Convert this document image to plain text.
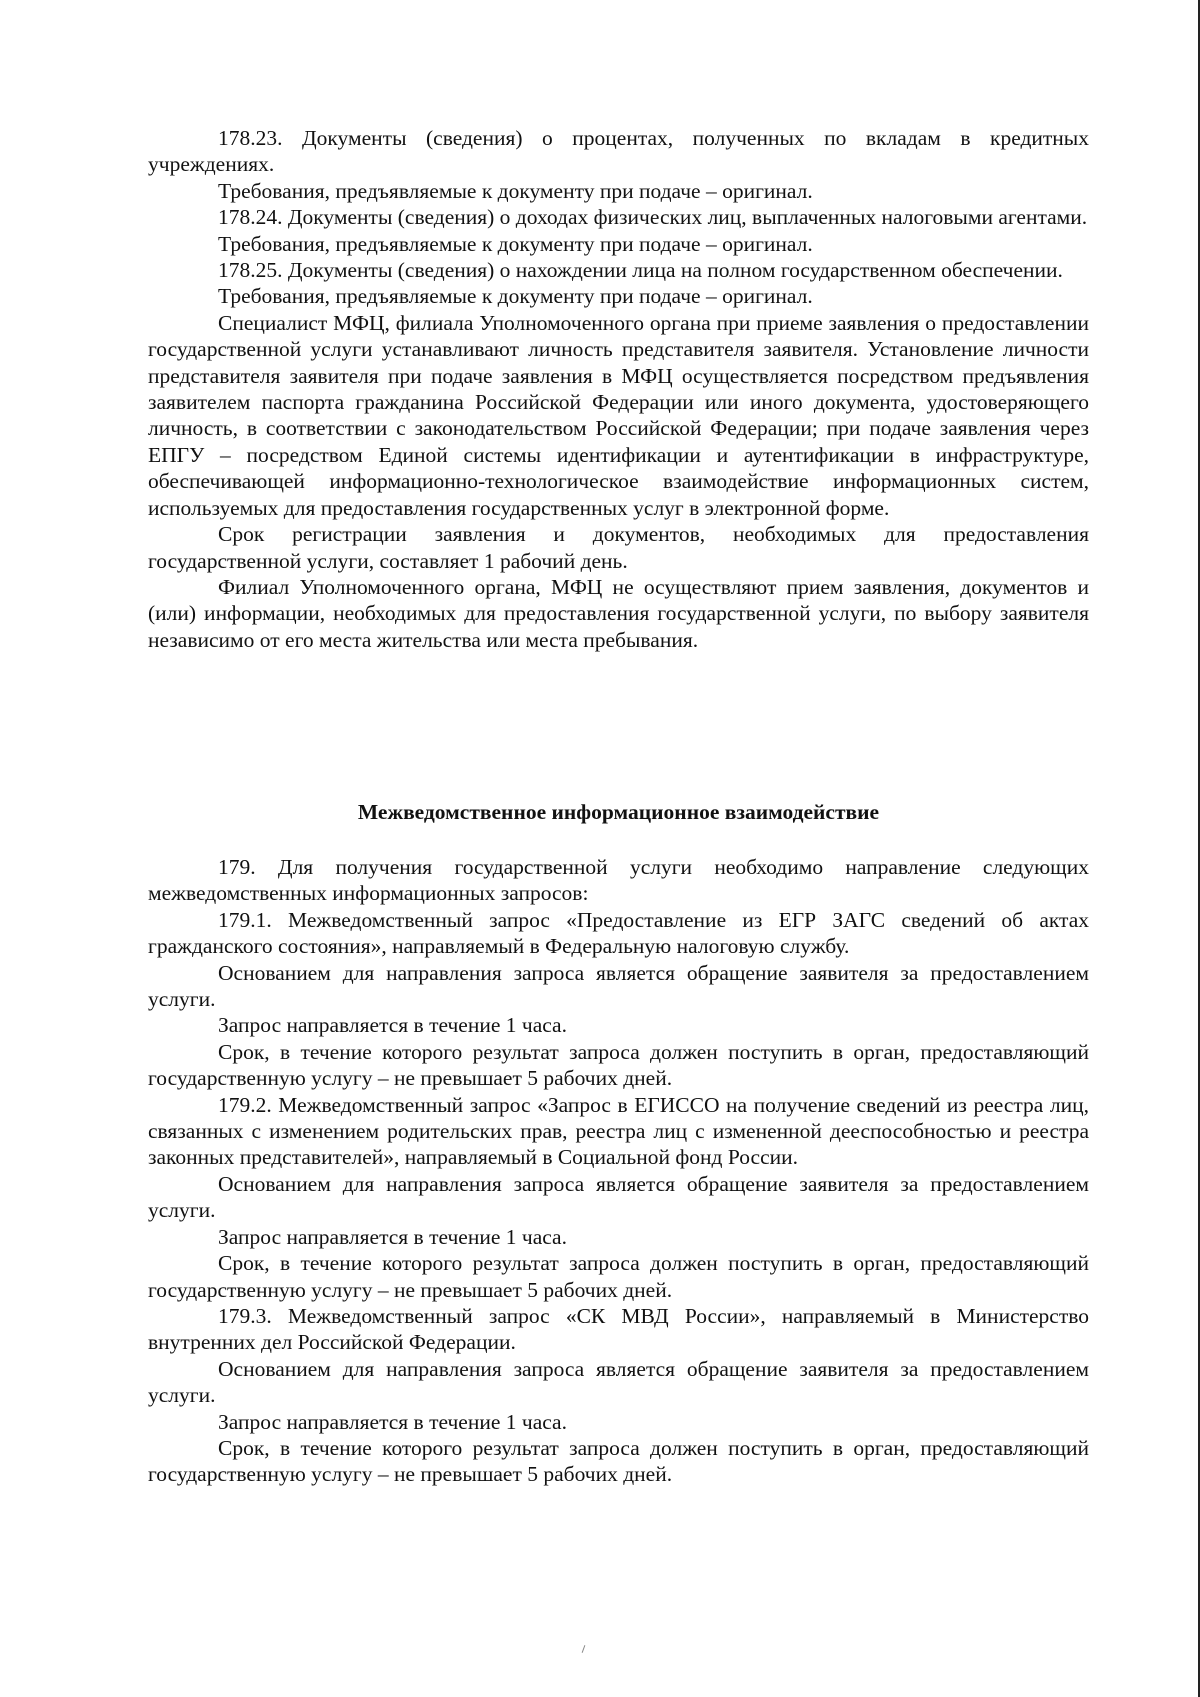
178.23. Документы (сведения) о процентах, полученных по вкладам в кредитных учреждениях.

Требования, предъявляемые к документу при подаче – оригинал.

178.24. Документы (сведения) о доходах физических лиц, выплаченных налоговыми агентами.

Требования, предъявляемые к документу при подаче – оригинал.

178.25. Документы (сведения) о нахождении лица на полном государственном обеспечении.

Требования, предъявляемые к документу при подаче – оригинал.

Специалист МФЦ, филиала Уполномоченного органа при приеме заявления о предоставлении государственной услуги устанавливают личность представителя заявителя. Установление личности представителя заявителя при подаче заявления в МФЦ осуществляется посредством предъявления заявителем паспорта гражданина Российской Федерации или иного документа, удостоверяющего личность, в соответствии с законодательством Российской Федерации; при подаче заявления через ЕПГУ – посредством Единой системы идентификации и аутентификации в инфраструктуре, обеспечивающей информационно-технологическое взаимодействие информационных систем, используемых для предоставления государственных услуг в электронной форме.

Срок регистрации заявления и документов, необходимых для предоставления государственной услуги, составляет 1 рабочий день.

Филиал Уполномоченного органа, МФЦ не осуществляют прием заявления, документов и (или) информации, необходимых для предоставления государственной услуги, по выбору заявителя независимо от его места жительства или места пребывания.

Межведомственное информационное взаимодействие

179. Для получения государственной услуги необходимо направление следующих межведомственных информационных запросов:

179.1. Межведомственный запрос «Предоставление из ЕГР ЗАГС сведений об актах гражданского состояния», направляемый в Федеральную налоговую службу.

Основанием для направления запроса является обращение заявителя за предоставлением услуги.

Запрос направляется в течение 1 часа.

Срок, в течение которого результат запроса должен поступить в орган, предоставляющий государственную услугу – не превышает 5 рабочих дней.

179.2. Межведомственный запрос «Запрос в ЕГИССО на получение сведений из реестра лиц, связанных с изменением родительских прав, реестра лиц с измененной дееспособностью и реестра законных представителей», направляемый в Социальной фонд России.

Основанием для направления запроса является обращение заявителя за предоставлением услуги.

Запрос направляется в течение 1 часа.

Срок, в течение которого результат запроса должен поступить в орган, предоставляющий государственную услугу – не превышает 5 рабочих дней.

179.3. Межведомственный запрос «СК МВД России», направляемый в Министерство внутренних дел Российской Федерации.

Основанием для направления запроса является обращение заявителя за предоставлением услуги.

Запрос направляется в течение 1 часа.

Срок, в течение которого результат запроса должен поступить в орган, предоставляющий государственную услугу – не превышает 5 рабочих дней.
